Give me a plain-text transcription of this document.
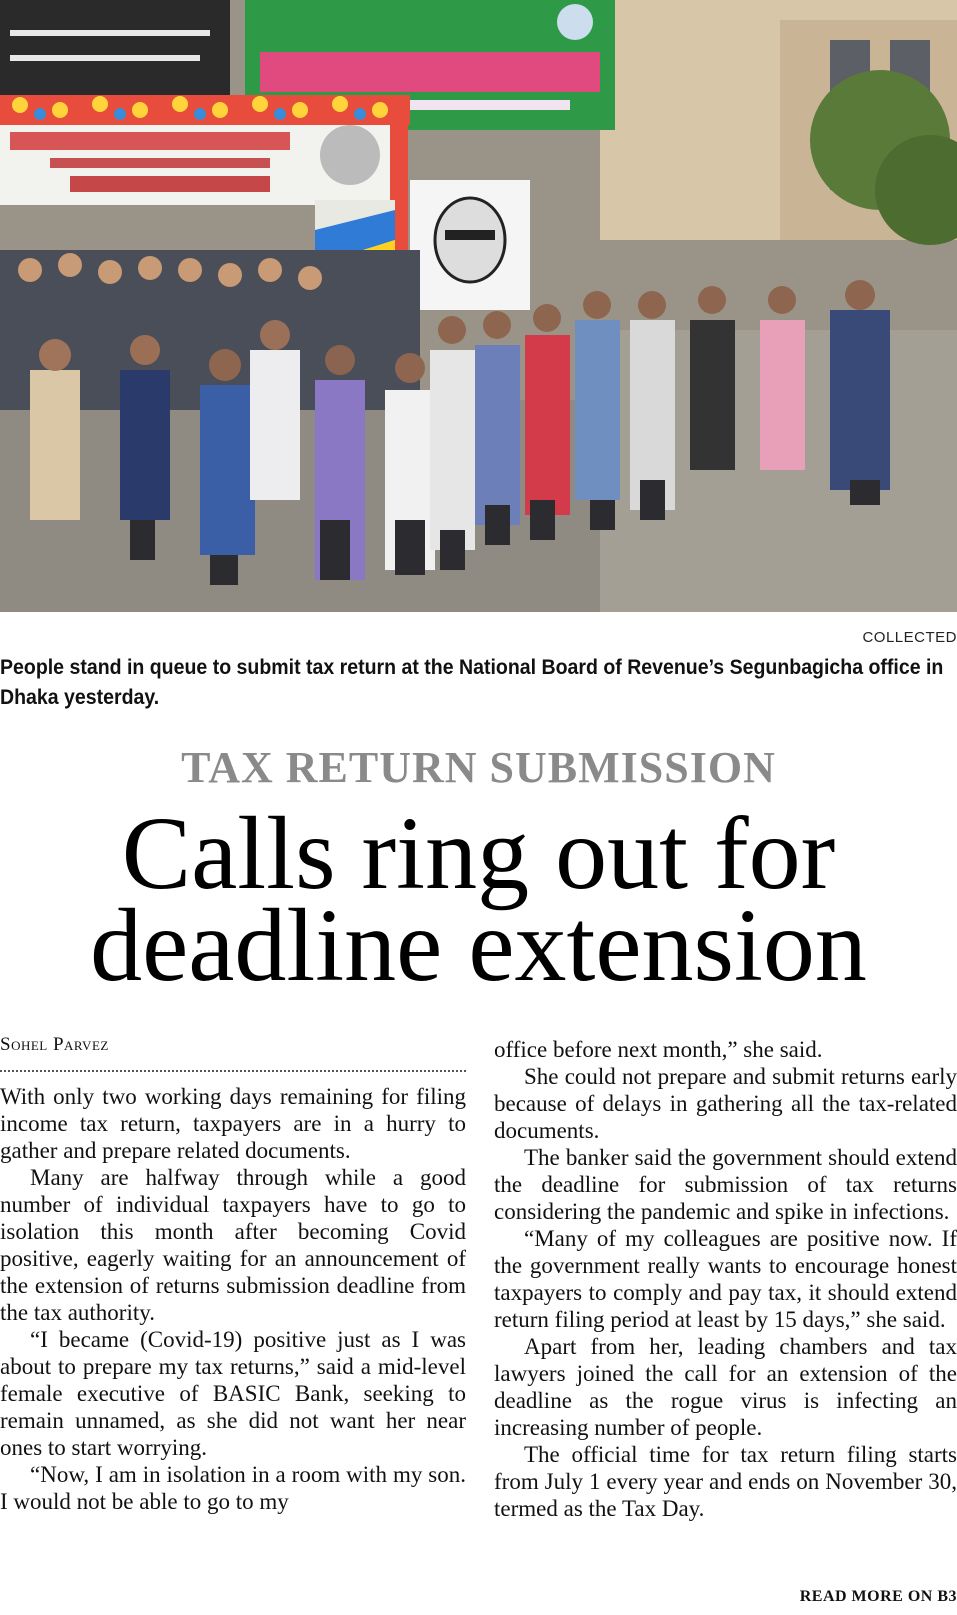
COLLECTED
People stand in queue to submit tax return at the National Board of Revenue’s Segunbagicha office in Dhaka yesterday.
TAX RETURN SUBMISSION
Calls ring out for
deadline extension
Sohel Parvez

With only two working days remaining for filing income tax return, taxpayers are in a hurry to gather and prepare related documents.

Many are halfway through while a good number of individual taxpayers have to go to isolation this month after becoming Covid positive, eagerly waiting for an announcement of the extension of returns submission deadline from the tax authority.

“I became (Covid-19) positive just as I was about to prepare my tax returns,” said a mid-level female executive of BASIC Bank, seeking to remain unnamed, as she did not want her near ones to start worrying.

“Now, I am in isolation in a room with my son. I would not be able to go to my

office before next month,” she said.

She could not prepare and submit returns early because of delays in gathering all the tax-related documents.

The banker said the government should extend the deadline for submission of tax returns considering the pandemic and spike in infections.

“Many of my colleagues are positive now. If the government really wants to encourage honest taxpayers to comply and pay tax, it should extend return filing period at least by 15 days,” she said.

Apart from her, leading chambers and tax lawyers joined the call for an extension of the deadline as the rogue virus is infecting an increasing number of people.

The official time for tax return filing starts from July 1 every year and ends on November 30, termed as the Tax Day.

READ MORE ON B3
